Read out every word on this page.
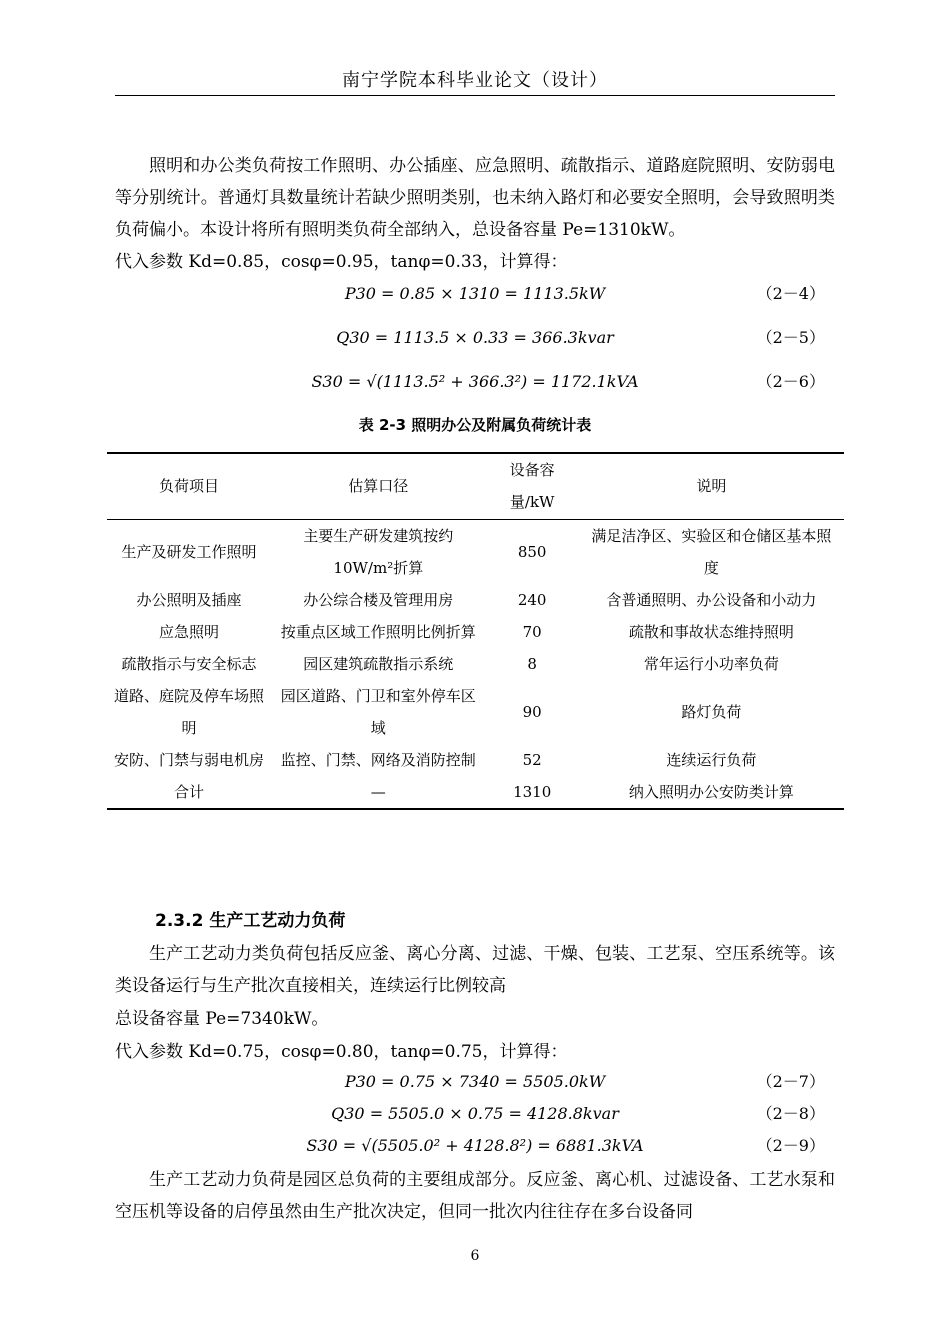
南宁学院本科毕业论文（设计）
照明和办公类负荷按工作照明、办公插座、应急照明、疏散指示、道路庭院照明、安防弱电等分别统计。普通灯具数量统计若缺少照明类别，也未纳入路灯和必要安全照明，会导致照明类负荷偏小。本设计将所有照明类负荷全部纳入，总设备容量 Pe=1310kW。
代入参数 Kd=0.85，cosφ=0.95，tanφ=0.33，计算得：
P30 = 0.85 × 1310 = 1113.5kW	（2－4）
Q30 = 1113.5 × 0.33 = 366.3kvar	（2－5）
S30 = √(1113.5² + 366.3²) = 1172.1kVA	（2－6）
表 2-3 照明办公及附属负荷统计表
负荷项目	估算口径	设备容量/kW	说明
生产及研发工作照明	主要生产研发建筑按约10W/m²折算	850	满足洁净区、实验区和仓储区基本照度
办公照明及插座	办公综合楼及管理用房	240	含普通照明、办公设备和小动力
应急照明	按重点区域工作照明比例折算	70	疏散和事故状态维持照明
疏散指示与安全标志	园区建筑疏散指示系统	8	常年运行小功率负荷
道路、庭院及停车场照明	园区道路、门卫和室外停车区域	90	路灯负荷
安防、门禁与弱电机房	监控、门禁、网络及消防控制	52	连续运行负荷
合计	—	1310	纳入照明办公安防类计算
2.3.2 生产工艺动力负荷
生产工艺动力类负荷包括反应釜、离心分离、过滤、干燥、包装、工艺泵、空压系统等。该类设备运行与生产批次直接相关，连续运行比例较高
总设备容量 Pe=7340kW。
代入参数 Kd=0.75，cosφ=0.80，tanφ=0.75，计算得：
P30 = 0.75 × 7340 = 5505.0kW	（2－7）
Q30 = 5505.0 × 0.75 = 4128.8kvar	（2－8）
S30 = √(5505.0² + 4128.8²) = 6881.3kVA	（2－9）
生产工艺动力负荷是园区总负荷的主要组成部分。反应釜、离心机、过滤设备、工艺水泵和空压机等设备的启停虽然由生产批次决定，但同一批次内往往存在多台设备同
6
